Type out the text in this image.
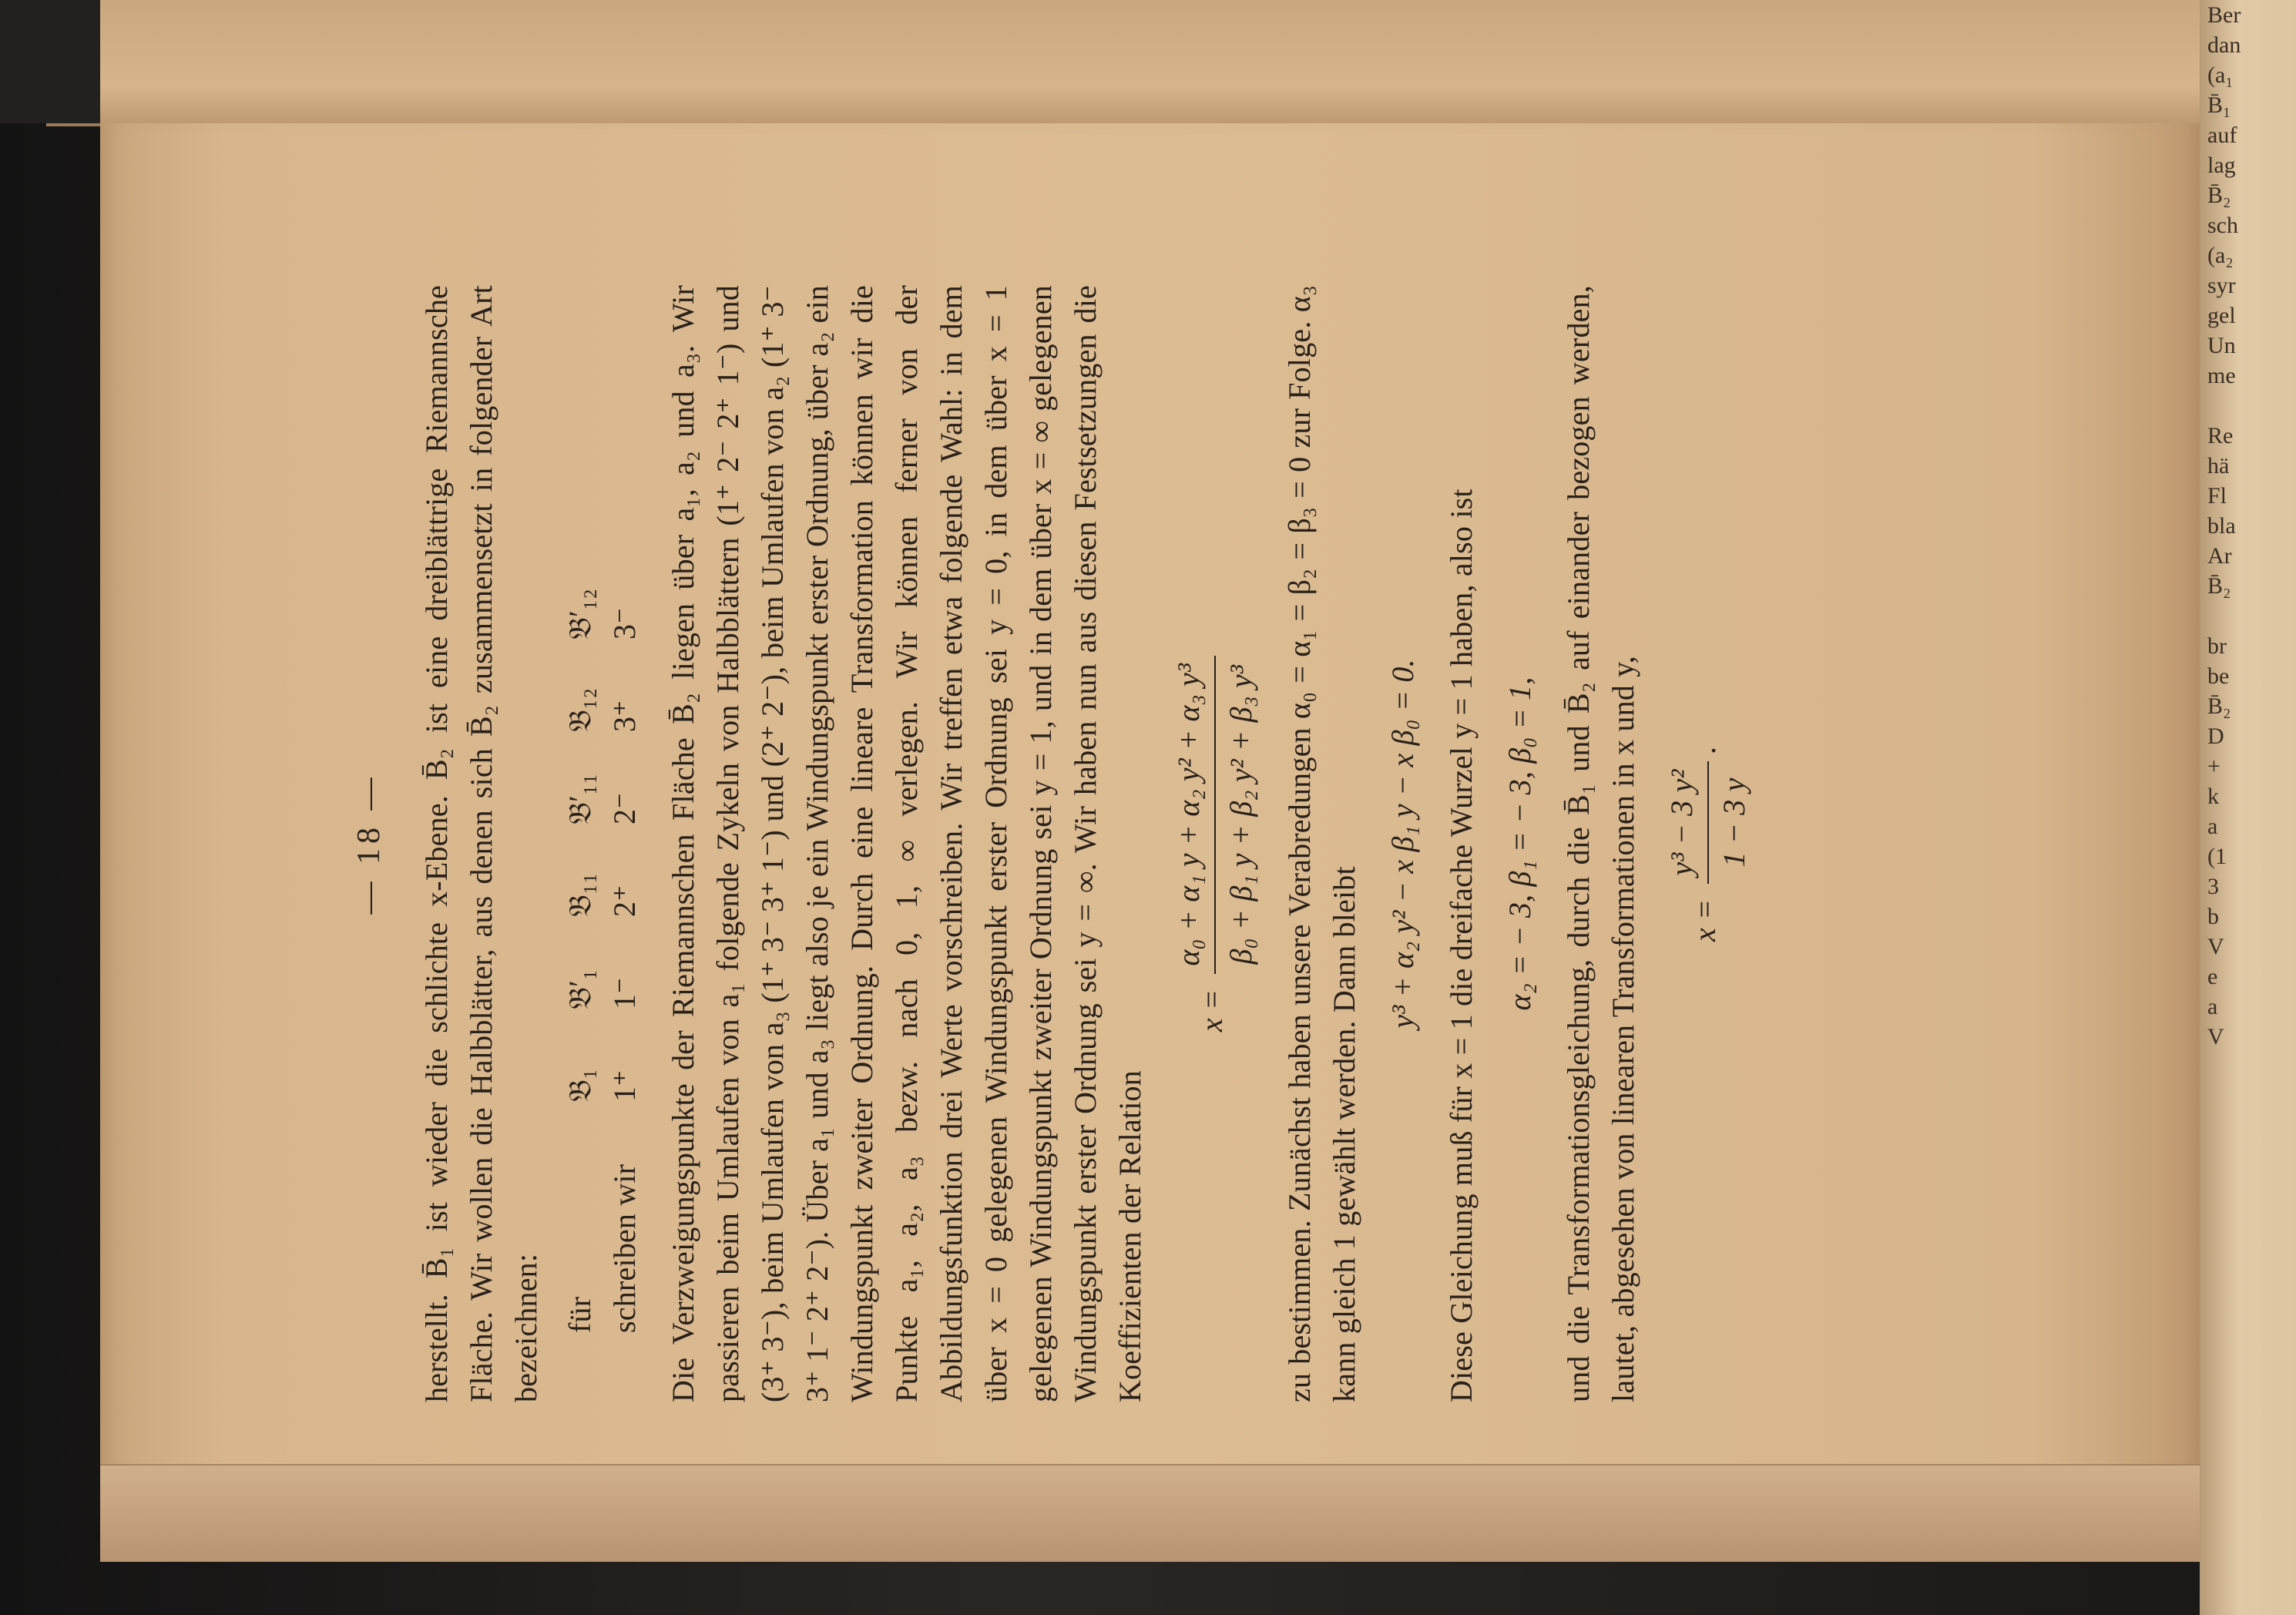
Ber
dan
(a₁
B̄₁
auf
lag
B̄₂
sch
(a₂
syr
gel
Un
me

Re
hä
Fl
bla
Ar
B̄₂

br
be
B̄₂
D
+
k
a
(1
3
b
V
e
a
V
— 18 — herstellt. B̄₁ ist wieder die schlichte x-Ebene. B̄₂ ist eine dreiblättrige Riemannsche Fläche. Wir wollen die Halbblätter, aus denen sich B̄₂ zusammensetzt in folgender Art bezeichnen: für
𝔅₁
𝔅′₁
𝔅₁₁
𝔅′₁₁
𝔅₁₂
𝔅′₁₂
schreiben wir
1⁺
1⁻
2⁺
2⁻
3⁺
3⁻ Die Verzweigungspunkte der Riemannschen Fläche B̄₂ liegen über a₁, a₂ und a₃. Wir passieren beim Umlaufen von a₁ folgende Zykeln von Halbblättern (1⁺ 2⁻ 2⁺ 1⁻) und (3⁺ 3⁻), beim Umlaufen von a₃ (1⁺ 3⁻ 3⁺ 1⁻) und (2⁺ 2⁻), beim Umlaufen von a₂ (1⁺ 3⁻ 3⁺ 1⁻ 2⁺ 2⁻). Über a₁ und a₃ liegt also je ein Windungspunkt erster Ordnung, über a₂ ein Windungspunkt zweiter Ordnung. Durch eine lineare Transformation können wir die Punkte a₁, a₂, a₃ bezw. nach 0, 1, ∞ verlegen. Wir können ferner von der Abbildungsfunktion drei Werte vorschreiben. Wir treffen etwa folgende Wahl: in dem über x = 0 gelegenen Windungspunkt erster Ordnung sei y = 0, in dem über x = 1 gelegenen Windungspunkt zweiter Ordnung sei y = 1, und in dem über x = ∞ gelegenen Windungspunkt erster Ordnung sei y = ∞. Wir haben nun aus diesen Festsetzungen die Koeffizienten der Relation

x =
α₀ + α₁ y + α₂ y² + α₃ y³ β₀ + β₁ y + β₂ y² + β₃ y³ zu bestimmen. Zunächst haben unsere Verabredungen α₀ = α₁ = β₂ = β₃ = 0 zur Folge. α₃ kann gleich 1 gewählt werden. Dann bleibt

y³ + α₂ y² − x β₁ y − x β₀ = 0. Diese Gleichung muß für x = 1 die dreifache Wurzel y = 1 haben, also ist α₂ = − 3, β₁ = − 3, β₀ = 1, und die Transformationsgleichung, durch die B̄₁ und B̄₂ auf einander bezogen werden, lautet, abgesehen von linearen Transformationen in x und y,	x =
y³ − 3 y² 1 − 3 y
.
